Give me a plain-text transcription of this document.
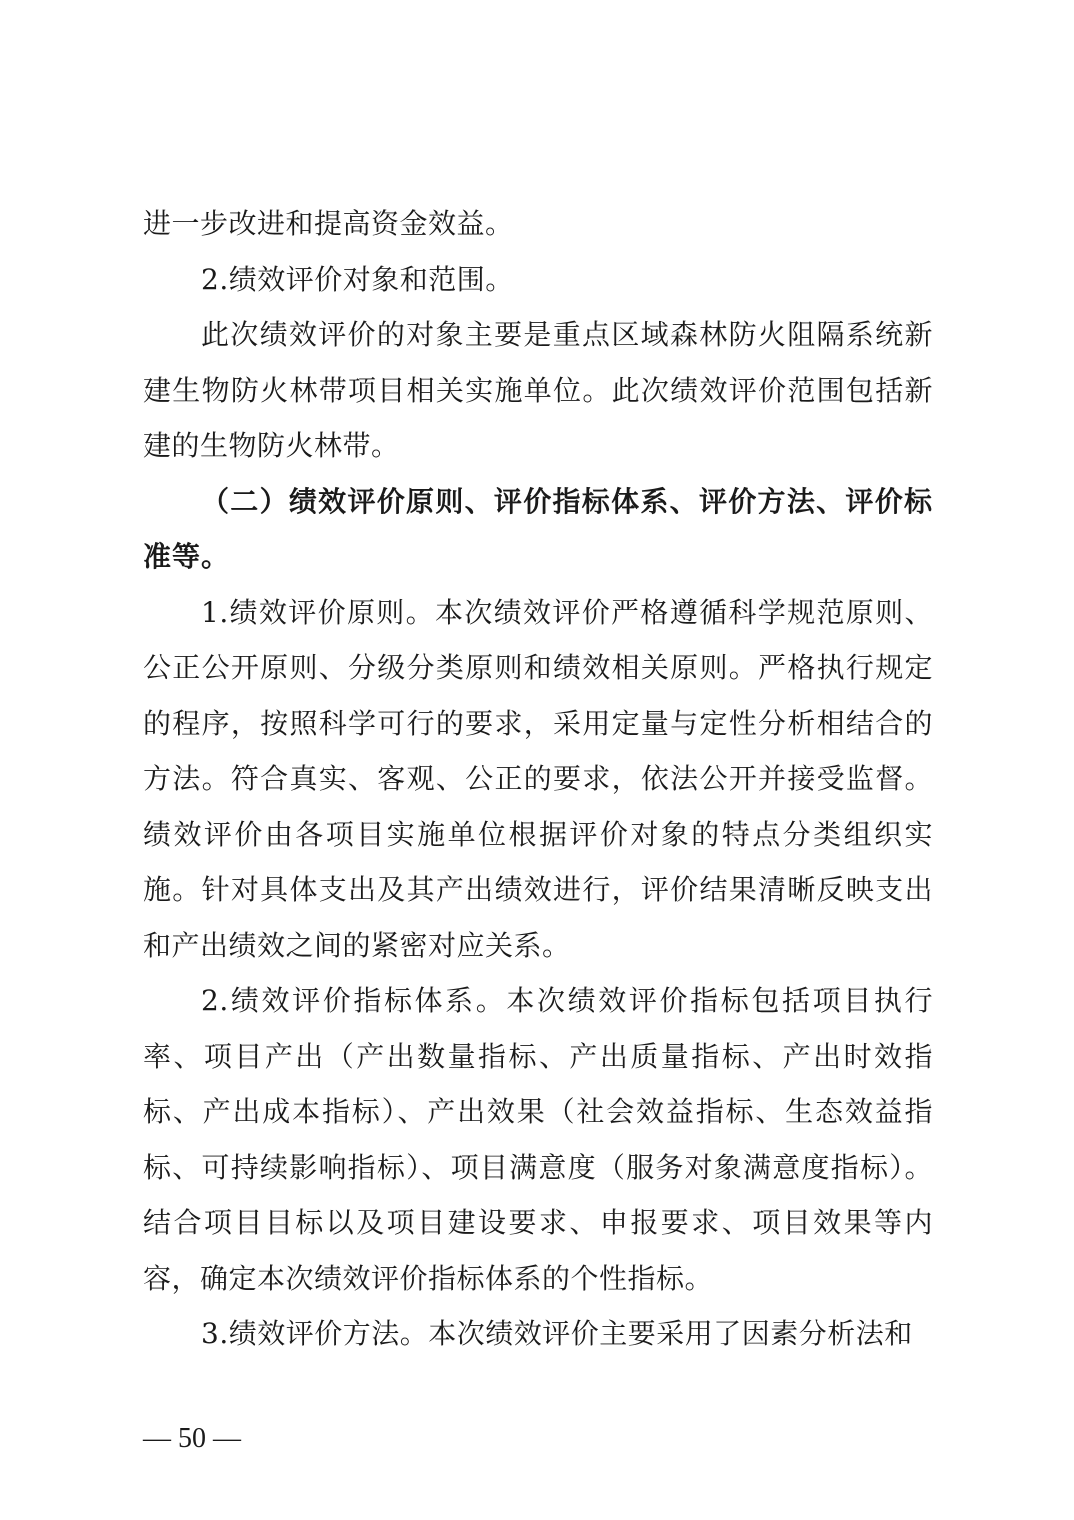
进一步改进和提高资金效益。

2.绩效评价对象和范围。

此次绩效评价的对象主要是重点区域森林防火阻隔系统新建生物防火林带项目相关实施单位。此次绩效评价范围包括新建的生物防火林带。

（二）绩效评价原则、评价指标体系、评价方法、评价标准等。

1.绩效评价原则。本次绩效评价严格遵循科学规范原则、公正公开原则、分级分类原则和绩效相关原则。严格执行规定的程序，按照科学可行的要求，采用定量与定性分析相结合的方法。符合真实、客观、公正的要求，依法公开并接受监督。绩效评价由各项目实施单位根据评价对象的特点分类组织实施。针对具体支出及其产出绩效进行，评价结果清晰反映支出和产出绩效之间的紧密对应关系。

2.绩效评价指标体系。本次绩效评价指标包括项目执行率、项目产出（产出数量指标、产出质量指标、产出时效指标、产出成本指标）、产出效果（社会效益指标、生态效益指标、可持续影响指标）、项目满意度（服务对象满意度指标）。结合项目目标以及项目建设要求、申报要求、项目效果等内容，确定本次绩效评价指标体系的个性指标。

3.绩效评价方法。本次绩效评价主要采用了因素分析法和

— 50 —
